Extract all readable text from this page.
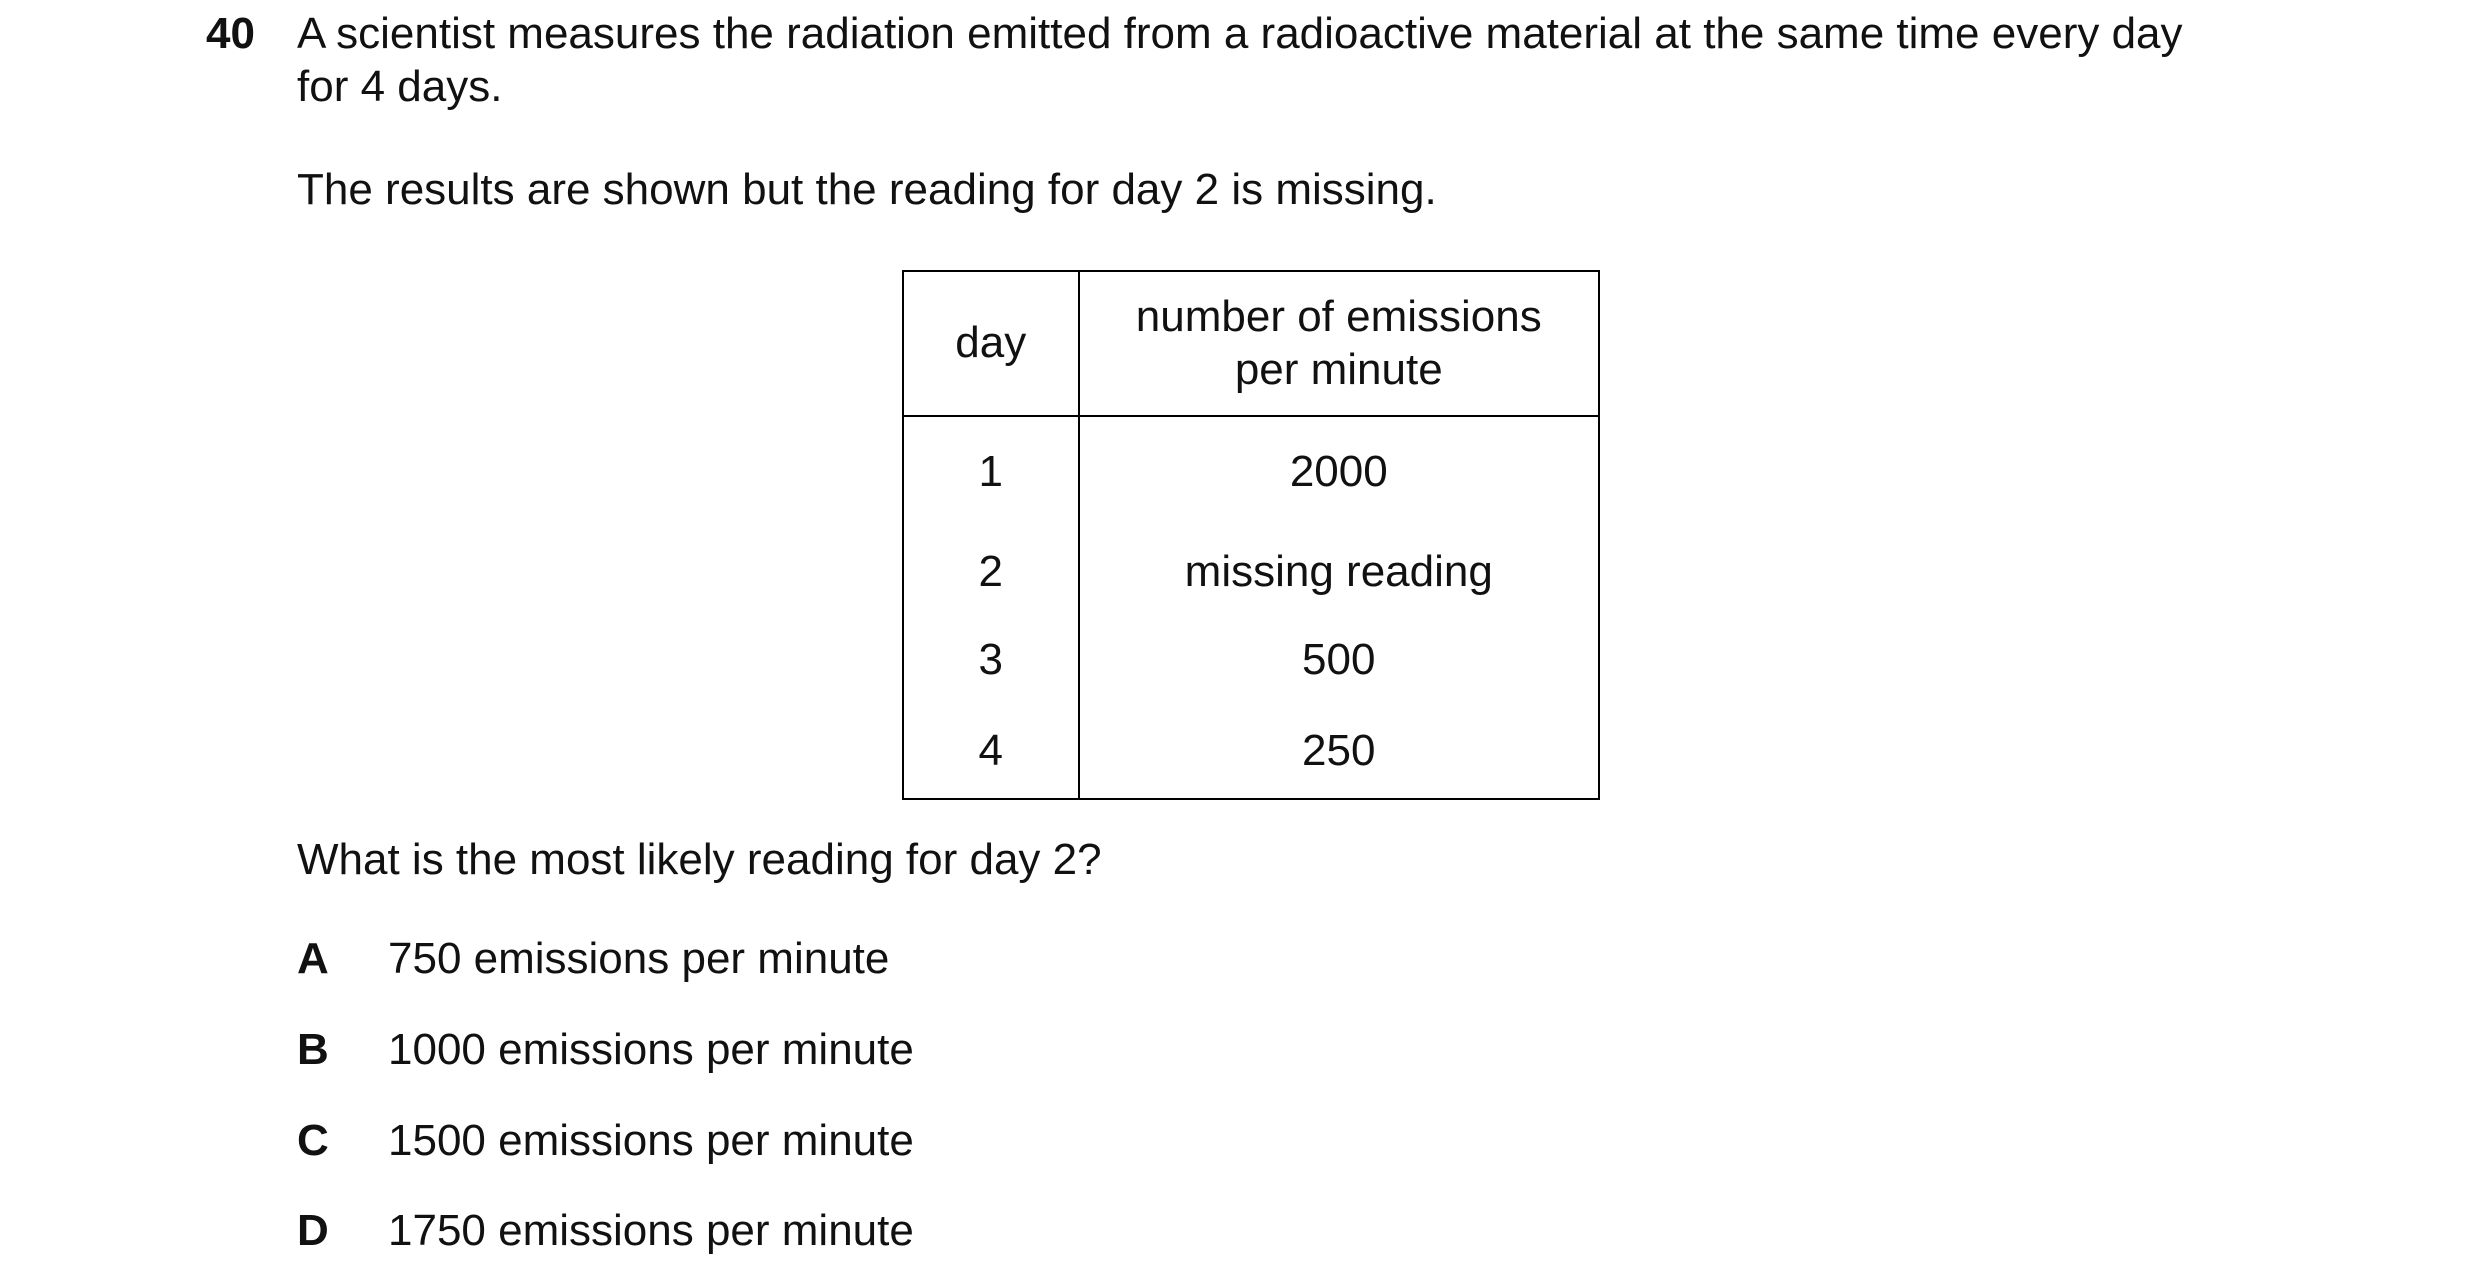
40 A scientist measures the radiation emitted from a radioactive material at the same time every day
for 4 days.
The results are shown but the reading for day 2 is missing.
day	number of emissions
per minute
1	2000
2	missing reading
3	500
4	250
What is the most likely reading for day 2?
A 750 emissions per minute
B 1000 emissions per minute
C 1500 emissions per minute
D 1750 emissions per minute
